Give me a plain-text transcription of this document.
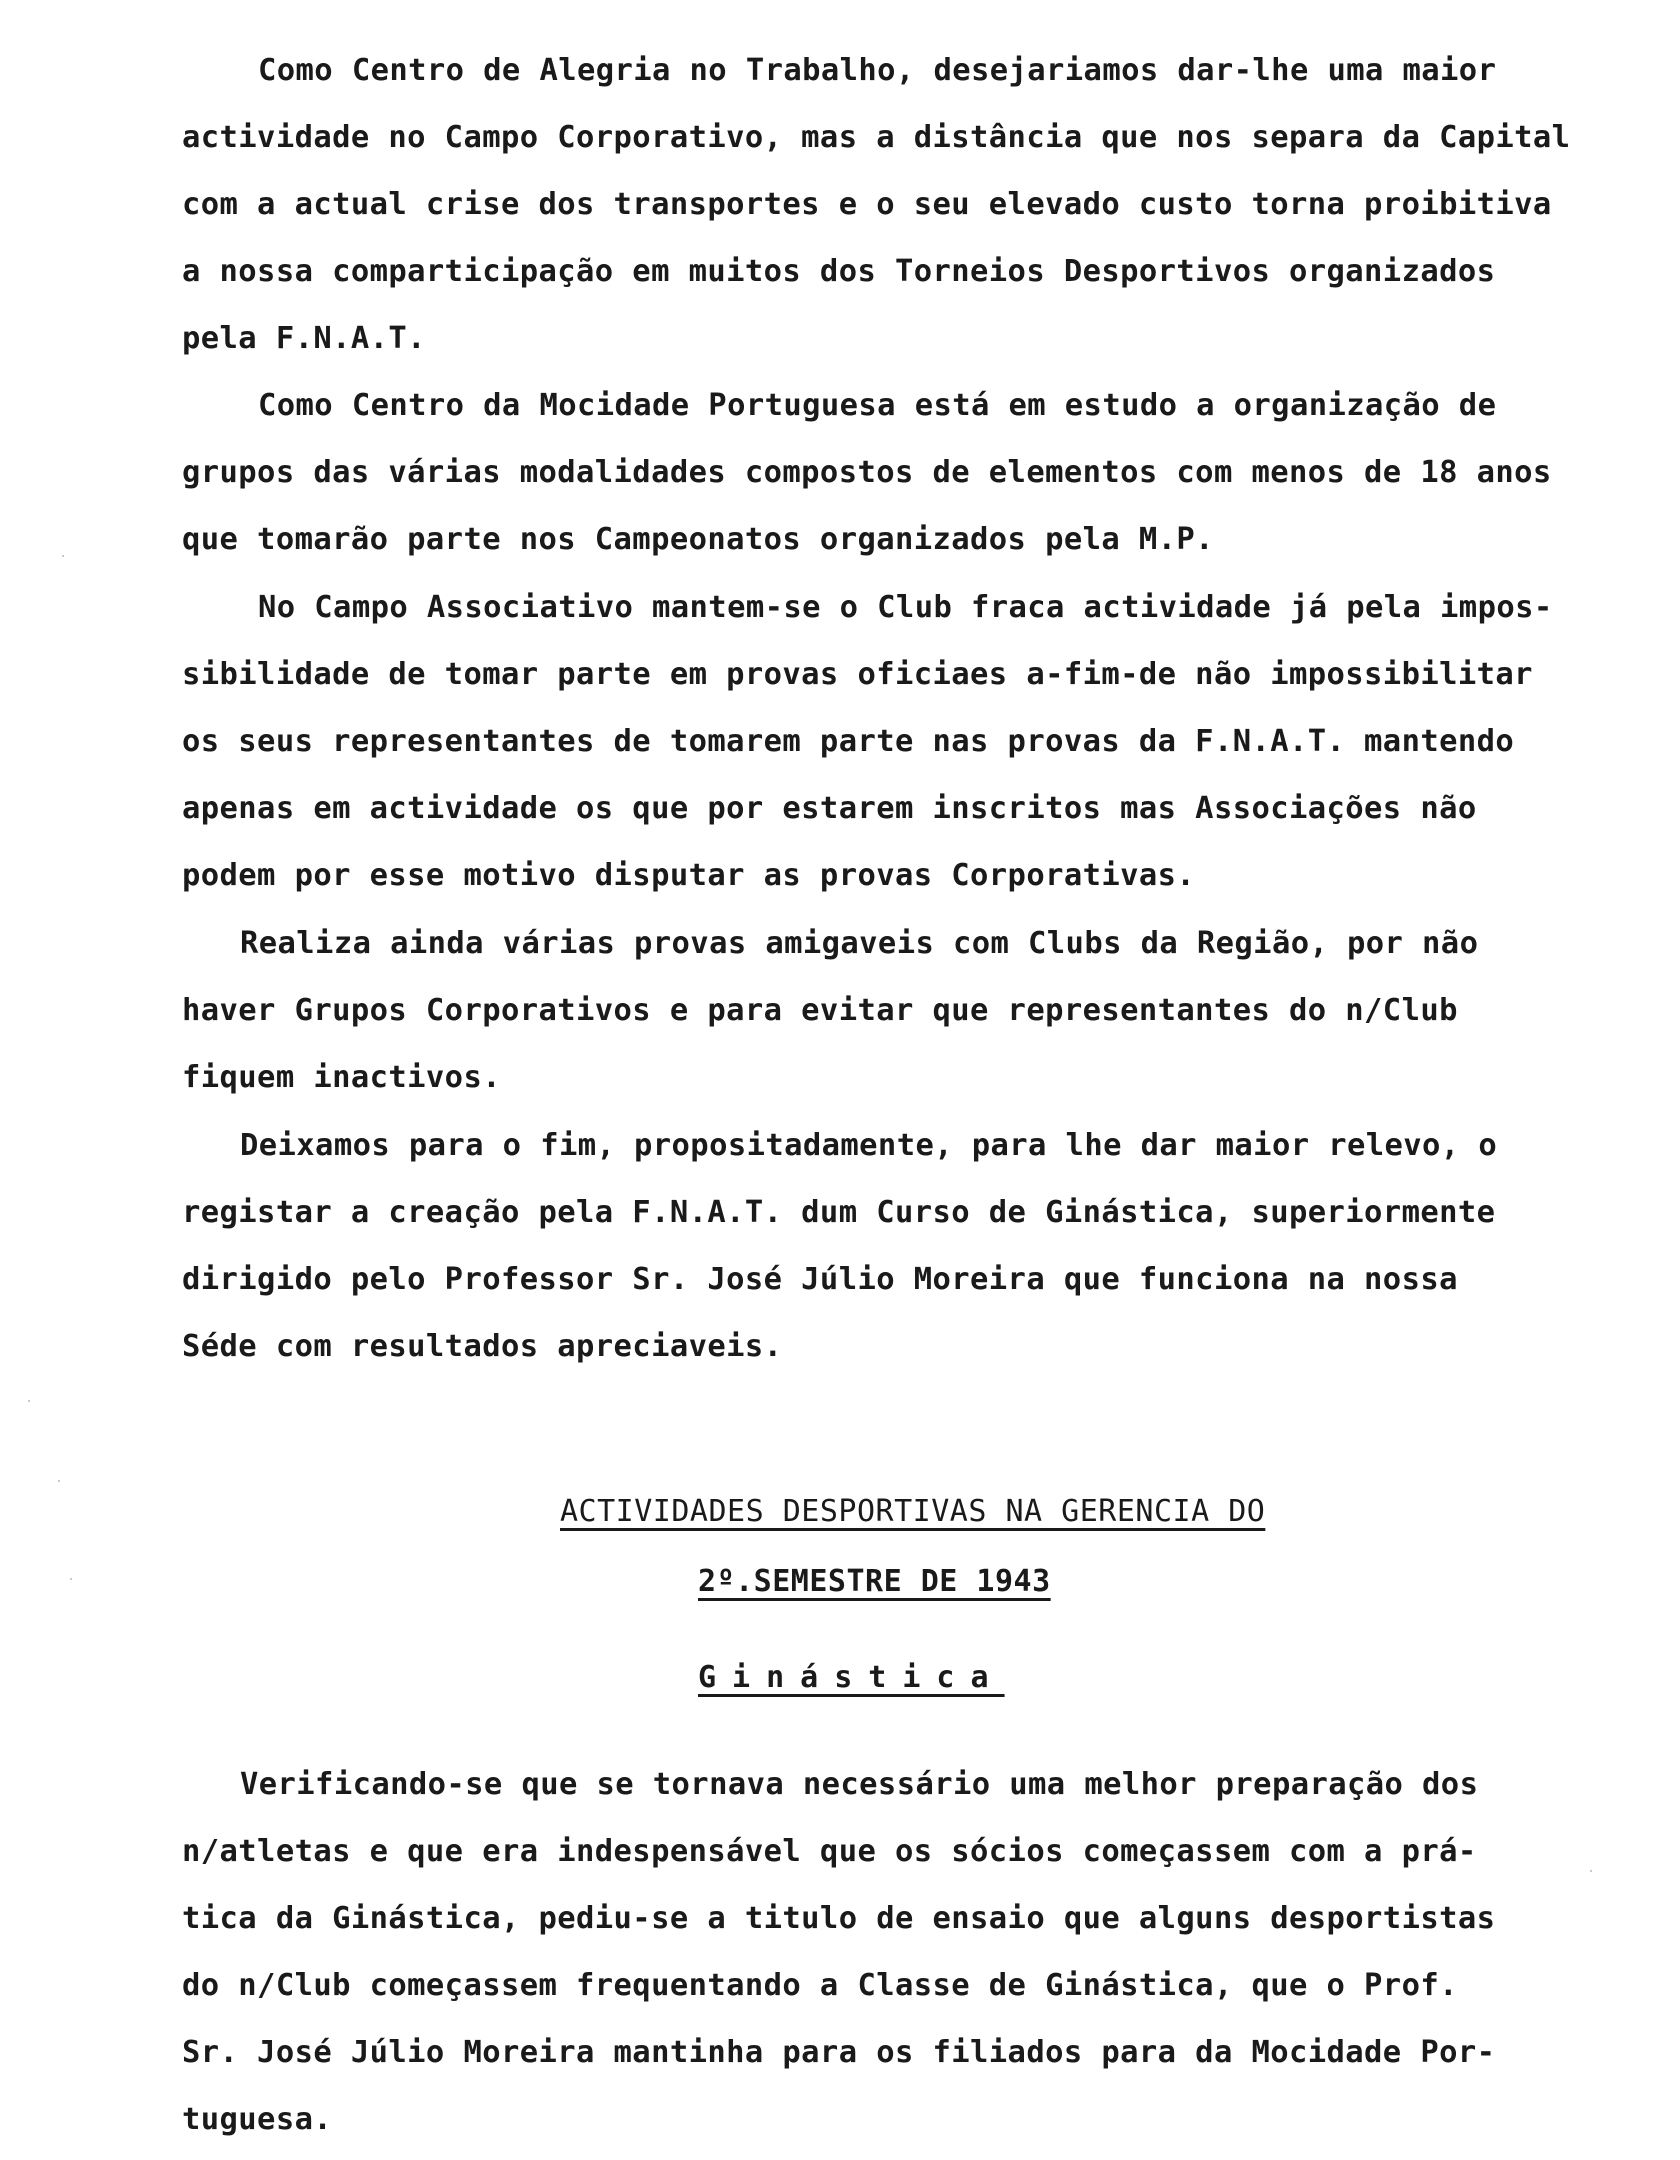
Como Centro de Alegria no Trabalho, desejariamos dar-lhe uma maior
actividade no Campo Corporativo, mas a distância que nos separa da Capital
com a actual crise dos transportes e o seu elevado custo torna proibitiva
a nossa comparticipação em muitos dos Torneios Desportivos organizados
pela F.N.A.T.
Como Centro da Mocidade Portuguesa está em estudo a organização de
grupos das várias modalidades compostos de elementos com menos de 18 anos
que tomarão parte nos Campeonatos organizados pela M.P.
No Campo Associativo mantem-se o Club fraca actividade já pela impos-
sibilidade de tomar parte em provas oficiaes a-fim-de não impossibilitar
os seus representantes de tomarem parte nas provas da F.N.A.T. mantendo
apenas em actividade os que por estarem inscritos mas Associações não
podem por esse motivo disputar as provas Corporativas.
Realiza ainda várias provas amigaveis com Clubs da Região, por não
haver Grupos Corporativos e para evitar que representantes do n/Club
fiquem inactivos.
Deixamos para o fim, propositadamente, para lhe dar maior relevo, o
registar a creação pela F.N.A.T. dum Curso de Ginástica, superiormente
dirigido pelo Professor Sr. José Júlio Moreira que funciona na nossa
Séde com resultados apreciaveis.
ACTIVIDADES DESPORTIVAS NA GERENCIA DO
2º.SEMESTRE DE 1943
Ginástica
Verificando-se que se tornava necessário uma melhor preparação dos
n/atletas e que era indespensável que os sócios começassem com a prá-
tica da Ginástica, pediu-se a titulo de ensaio que alguns desportistas
do n/Club começassem frequentando a Classe de Ginástica, que o Prof.
Sr. José Júlio Moreira mantinha para os filiados para da Mocidade Por-
tuguesa.
